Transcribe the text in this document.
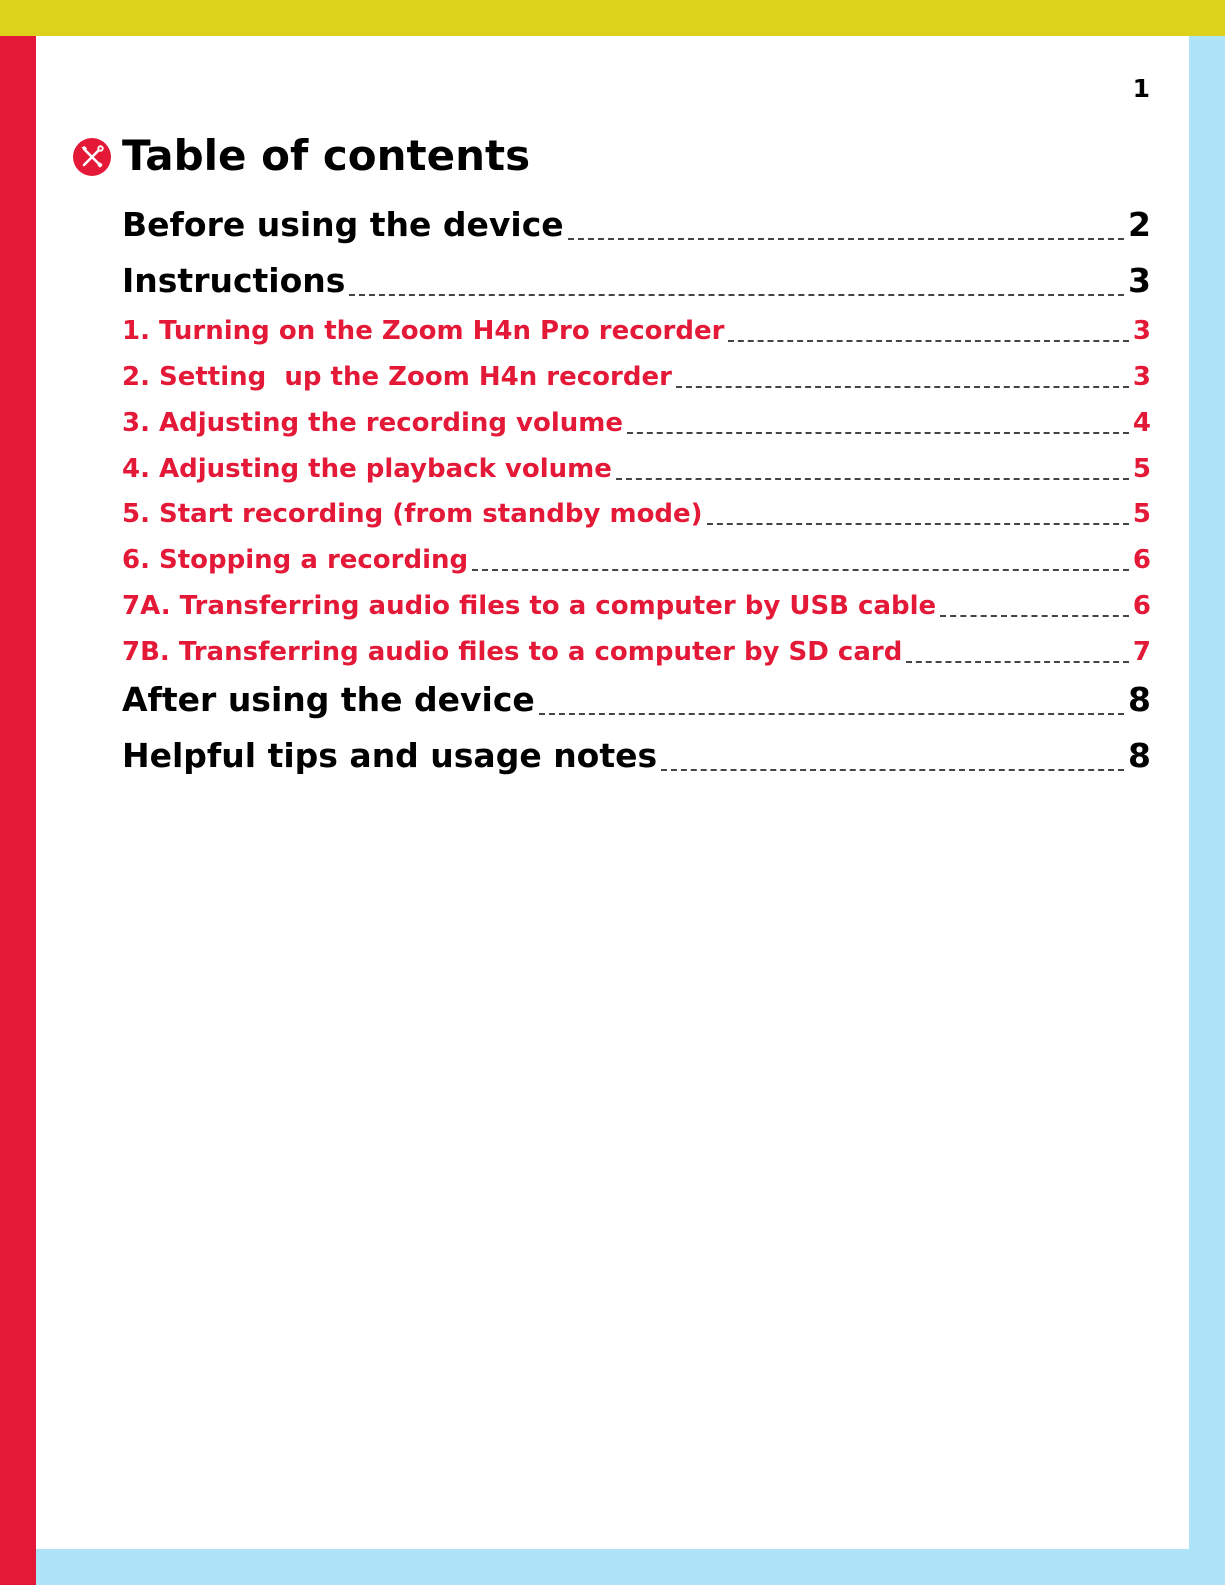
1
Table of contents
Before using the device	2
Instructions	3
1. Turning on the Zoom H4n Pro recorder	3
2. Setting  up the Zoom H4n recorder	3
3. Adjusting the recording volume	4
4. Adjusting the playback volume	5
5. Start recording (from standby mode)	5
6. Stopping a recording	6
7A. Transferring audio files to a computer by USB cable	6
7B. Transferring audio files to a computer by SD card	7
After using the device	8
Helpful tips and usage notes	8
